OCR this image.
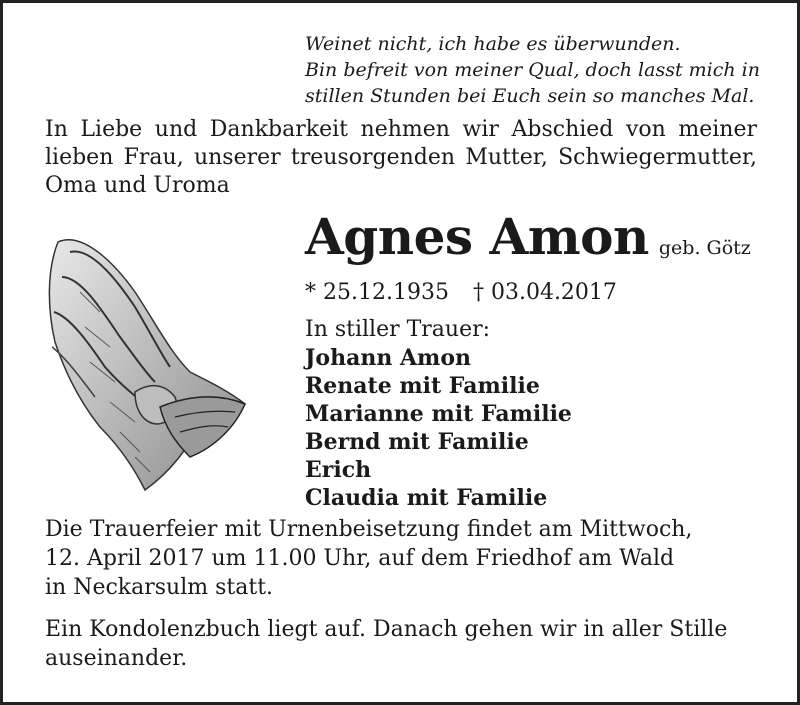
Weinet nicht, ich habe es überwunden.
Bin befreit von meiner Qual, doch lasst mich in
stillen Stunden bei Euch sein so manches Mal.
In Liebe und Dankbarkeit nehmen wir Abschied von meiner lieben Frau, unserer treusorgenden Mutter, Schwiegermutter, Oma und Uroma
Agnes Amon geb. Götz
* 25.12.1935 † 03.04.2017
In stiller Trauer:
Johann Amon
Renate mit Familie
Marianne mit Familie
Bernd mit Familie
Erich
Claudia mit Familie
Die Trauerfeier mit Urnenbeisetzung findet am Mittwoch,
12. April 2017 um 11.00 Uhr, auf dem Friedhof am Wald
in Neckarsulm statt.
Ein Kondolenzbuch liegt auf. Danach gehen wir in aller Stille
auseinander.
